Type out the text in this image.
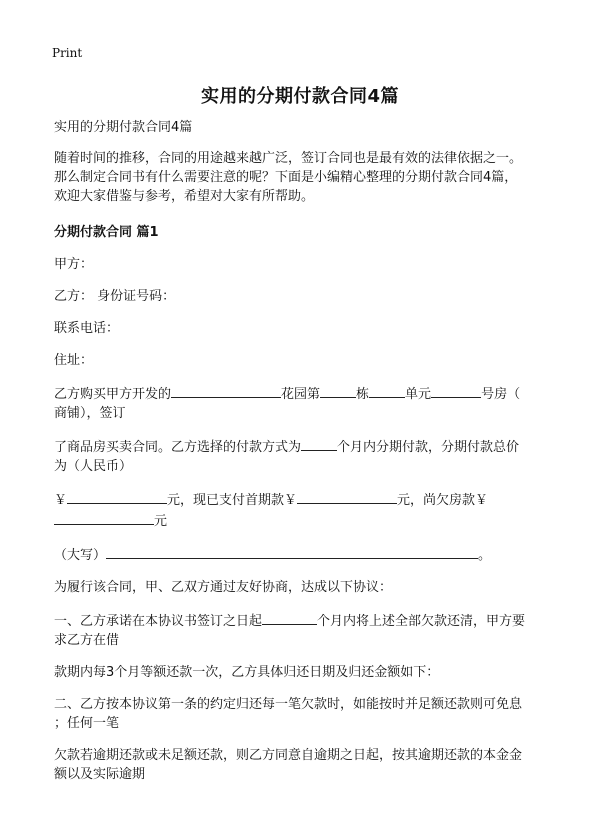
Print
实用的分期付款合同4篇

实用的分期付款合同4篇

随着时间的推移，合同的用途越来越广泛，签订合同也是最有效的法律依据之一。

那么制定合同书有什么需要注意的呢？下面是小编精心整理的分期付款合同4篇，

欢迎大家借鉴与参考，希望对大家有所帮助。

分期付款合同 篇1

甲方：

乙方： 身份证号码：

联系电话：

住址：

乙方购买甲方开发的	花园第	栋	单元	号房（

商铺），签订

了商品房买卖合同。乙方选择的付款方式为	个月内分期付款，分期付款总价

为（人民币）

￥	元，现已支付首期款￥	元，尚欠房款￥

元

（大写）	。

为履行该合同，甲、乙双方通过友好协商，达成以下协议：

一、乙方承诺在本协议书签订之日起	个月内将上述全部欠款还清，甲方要

求乙方在借

款期内每3个月等额还款一次，乙方具体归还日期及归还金额如下：

二、乙方按本协议第一条的约定归还每一笔欠款时，如能按时并足额还款则可免息

；任何一笔

欠款若逾期还款或未足额还款，则乙方同意自逾期之日起，按其逾期还款的本金金

额以及实际逾期
